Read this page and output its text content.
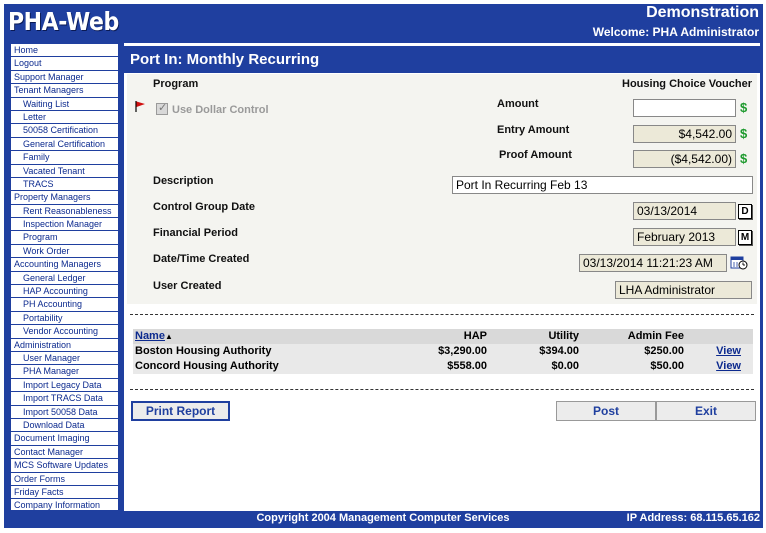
PHA-Web	Demonstration
Welcome: PHA Administrator
Home
Logout
Support Manager
Tenant Managers
Waiting List
Letter
50058 Certification
General Certification
Family
Vacated Tenant
TRACS
Property Managers
Rent Reasonableness
Inspection Manager
Program
Work Order
Accounting Managers
General Ledger
HAP Accounting
PH Accounting
Portability
Vendor Accounting
Administration
User Manager
PHA Manager
Import Legacy Data
Import TRACS Data
Import 50058 Data
Download Data
Document Imaging
Contact Manager
MCS Software Updates
Order Forms
Friday Facts
Company Information
Port In: Monthly Recurring
Program	Housing Choice Voucher
✓
Use Dollar Control	Amount	$
Entry Amount	$4,542.00 $
Proof Amount	($4,542.00) $
Description	Port In Recurring Feb 13
Control Group Date	03/13/2014	D
Financial Period	February 2013	M
Date/Time Created	03/13/2014 11:21:23 AM
User Created	LHA Administrator
Name▲	HAP	Utility	Admin Fee
Boston Housing Authority	$3,290.00	$394.00	$250.00	View
Concord Housing Authority	$558.00	$0.00	$50.00	View
Print Report	Post	Exit
Copyright 2004 Management Computer Services	IP Address: 68.115.65.162
